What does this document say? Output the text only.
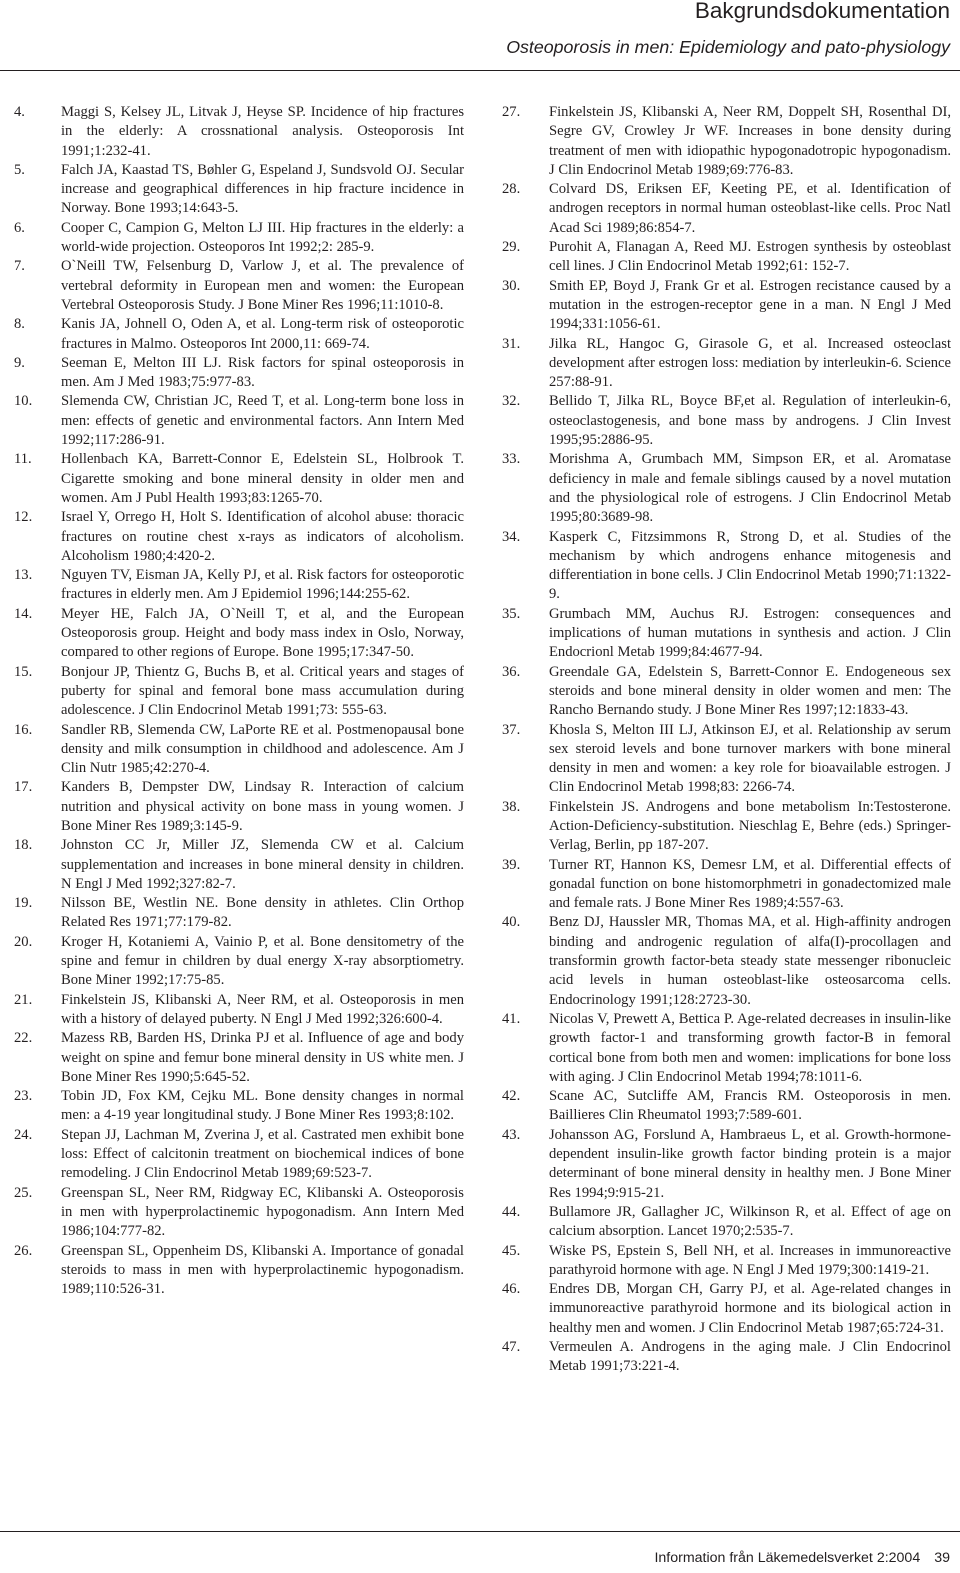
Bakgrundsdokumentation
Osteoporosis in men: Epidemiology and pato-physiology
4. Maggi S, Kelsey JL, Litvak J, Heyse SP. Incidence of hip fractures in the elderly: A crossnational analysis. Osteoporosis Int 1991;1:232-41.
5. Falch JA, Kaastad TS, Bøhler G, Espeland J, Sundsvold OJ. Secular increase and geographical differences in hip fracture incidence in Norway. Bone 1993;14:643-5.
6. Cooper C, Campion G, Melton LJ III. Hip fractures in the elderly: a world-wide projection. Osteoporos Int 1992;2: 285-9.
7. O`Neill TW, Felsenburg D, Varlow J, et al. The prevalence of vertebral deformity in European men and women: the European Vertebral Osteoporosis Study. J Bone Miner Res 1996;11:1010-8.
8. Kanis JA, Johnell O, Oden A, et al. Long-term risk of osteoporotic fractures in Malmo. Osteoporos Int 2000,11: 669-74.
9. Seeman E, Melton III LJ. Risk factors for spinal osteoporosis in men. Am J Med 1983;75:977-83.
10. Slemenda CW, Christian JC, Reed T, et al. Long-term bone loss in men: effects of genetic and environmental factors. Ann Intern Med 1992;117:286-91.
11. Hollenbach KA, Barrett-Connor E, Edelstein SL, Holbrook T. Cigarette smoking and bone mineral density in older men and women. Am J Publ Health 1993;83:1265-70.
12. Israel Y, Orrego H, Holt S. Identification of alcohol abuse: thoracic fractures on routine chest x-rays as indicators of alcoholism. Alcoholism 1980;4:420-2.
13. Nguyen TV, Eisman JA, Kelly PJ, et al. Risk factors for osteoporotic fractures in elderly men. Am J Epidemiol 1996;144:255-62.
14. Meyer HE, Falch JA, O`Neill T, et al, and the European Osteoporosis group. Height and body mass index in Oslo, Norway, compared to other regions of Europe. Bone 1995;17:347-50.
15. Bonjour JP, Thientz G, Buchs B, et al. Critical years and stages of puberty for spinal and femoral bone mass accumulation during adolescence. J Clin Endocrinol Metab 1991;73: 555-63.
16. Sandler RB, Slemenda CW, LaPorte RE et al. Postmenopausal bone density and milk consumption in childhood and adolescence. Am J Clin Nutr 1985;42:270-4.
17. Kanders B, Dempster DW, Lindsay R. Interaction of calcium nutrition and physical activity on bone mass in young women. J Bone Miner Res 1989;3:145-9.
18. Johnston CC Jr, Miller JZ, Slemenda CW et al. Calcium supplementation and increases in bone mineral density in children. N Engl J Med 1992;327:82-7.
19. Nilsson BE, Westlin NE. Bone density in athletes. Clin Orthop Related Res 1971;77:179-82.
20. Kroger H, Kotaniemi A, Vainio P, et al. Bone densitometry of the spine and femur in children by dual energy X-ray absorptiometry. Bone Miner 1992;17:75-85.
21. Finkelstein JS, Klibanski A, Neer RM, et al. Osteoporosis in men with a history of delayed puberty. N Engl J Med 1992;326:600-4.
22. Mazess RB, Barden HS, Drinka PJ et al. Influence of age and body weight on spine and femur bone mineral density in US white men. J Bone Miner Res 1990;5:645-52.
23. Tobin JD, Fox KM, Cejku ML. Bone density changes in normal men: a 4-19 year longitudinal study. J Bone Miner Res 1993;8:102.
24. Stepan JJ, Lachman M, Zverina J, et al. Castrated men exhibit bone loss: Effect of calcitonin treatment on biochemical indices of bone remodeling. J Clin Endocrinol Metab 1989;69:523-7.
25. Greenspan SL, Neer RM, Ridgway EC, Klibanski A. Osteoporosis in men with hyperprolactinemic hypogonadism. Ann Intern Med 1986;104:777-82.
26. Greenspan SL, Oppenheim DS, Klibanski A. Importance of gonadal steroids to mass in men with hyperprolactinemic hypogonadism. 1989;110:526-31.
27. Finkelstein JS, Klibanski A, Neer RM, Doppelt SH, Rosenthal DI, Segre GV, Crowley Jr WF. Increases in bone density during treatment of men with idiopathic hypogonadotropic hypogonadism. J Clin Endocrinol Metab 1989;69:776-83.
28. Colvard DS, Eriksen EF, Keeting PE, et al. Identification of androgen receptors in normal human osteoblast-like cells. Proc Natl Acad Sci 1989;86:854-7.
29. Purohit A, Flanagan A, Reed MJ. Estrogen synthesis by osteoblast cell lines. J Clin Endocrinol Metab 1992;61: 152-7.
30. Smith EP, Boyd J, Frank Gr et al. Estrogen recistance caused by a mutation in the estrogen-receptor gene in a man. N Engl J Med 1994;331:1056-61.
31. Jilka RL, Hangoc G, Girasole G, et al. Increased osteoclast development after estrogen loss: mediation by interleukin-6. Science 257:88-91.
32. Bellido T, Jilka RL, Boyce BF,et al. Regulation of interleukin-6, osteoclastogenesis, and bone mass by androgens. J Clin Invest 1995;95:2886-95.
33. Morishma A, Grumbach MM, Simpson ER, et al. Aromatase deficiency in male and female siblings caused by a novel mutation and the physiological role of estrogens. J Clin Endocrinol Metab 1995;80:3689-98.
34. Kasperk C, Fitzsimmons R, Strong D, et al. Studies of the mechanism by which androgens enhance mitogenesis and differentiation in bone cells. J Clin Endocrinol Metab 1990;71:1322-9.
35. Grumbach MM, Auchus RJ. Estrogen: consequences and implications of human mutations in synthesis and action. J Clin Endocrionl Metab 1999;84:4677-94.
36. Greendale GA, Edelstein S, Barrett-Connor E. Endogeneous sex steroids and bone mineral density in older women and men: The Rancho Bernando study. J Bone Miner Res 1997;12:1833-43.
37. Khosla S, Melton III LJ, Atkinson EJ, et al. Relationship av serum sex steroid levels and bone turnover markers with bone mineral density in men and women: a key role for bioavailable estrogen. J Clin Endocrinol Metab 1998;83: 2266-74.
38. Finkelstein JS. Androgens and bone metabolism In:Testosterone. Action-Deficiency-substitution. Nieschlag E, Behre (eds.) Springer-Verlag, Berlin, pp 187-207.
39. Turner RT, Hannon KS, Demesr LM, et al. Differential effects of gonadal function on bone histomorphmetri in gonadectomized male and female rats. J Bone Miner Res 1989;4:557-63.
40. Benz DJ, Haussler MR, Thomas MA, et al. High-affinity androgen binding and androgenic regulation of alfa(I)-procollagen and transformin growth factor-beta steady state messenger ribonucleic acid levels in human osteoblast-like osteosarcoma cells. Endocrinology 1991;128:2723-30.
41. Nicolas V, Prewett A, Bettica P. Age-related decreases in insulin-like growth factor-1 and transforming growth factor-B in femoral cortical bone from both men and women: implications for bone loss with aging. J Clin Endocrinol Metab 1994;78:1011-6.
42. Scane AC, Sutcliffe AM, Francis RM. Osteoporosis in men. Baillieres Clin Rheumatol 1993;7:589-601.
43. Johansson AG, Forslund A, Hambraeus L, et al. Growth-hormone-dependent insulin-like growth factor binding protein is a major determinant of bone mineral density in healthy men. J Bone Miner Res 1994;9:915-21.
44. Bullamore JR, Gallagher JC, Wilkinson R, et al. Effect of age on calcium absorption. Lancet 1970;2:535-7.
45. Wiske PS, Epstein S, Bell NH, et al. Increases in immunoreactive parathyroid hormone with age. N Engl J Med 1979;300:1419-21.
46. Endres DB, Morgan CH, Garry PJ, et al. Age-related changes in immunoreactive parathyroid hormone and its biological action in healthy men and women. J Clin Endocrinol Metab 1987;65:724-31.
47. Vermeulen A. Androgens in the aging male. J Clin Endocrinol Metab 1991;73:221-4.
Information från Läkemedelsverket 2:2004 39
